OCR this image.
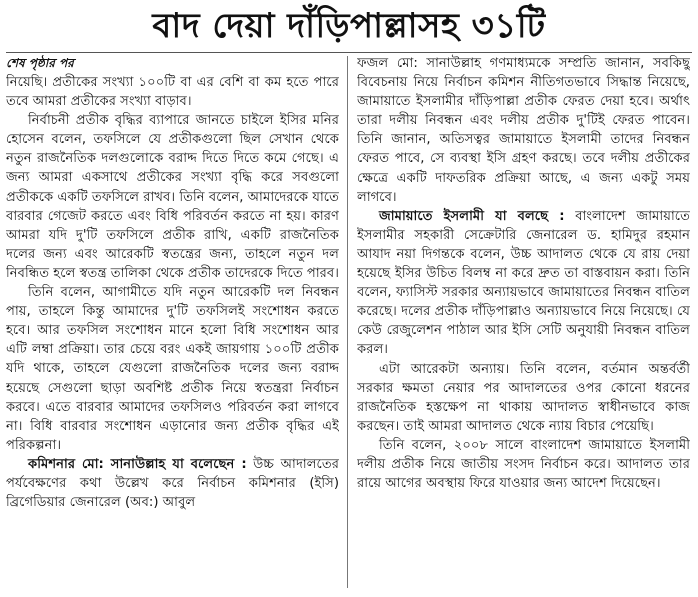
বাদ দেয়া দাঁড়িপাল্লাসহ ৩১টি
শেষ পৃষ্ঠার পর

নিয়েছি। প্রতীকের সংখ্যা ১০০টি বা এর বেশি বা কম হতে পারে তবে আমরা প্রতীকের সংখ্যা বাড়াব।

নির্বাচনী প্রতীক বৃদ্ধির ব্যাপারে জানতে চাইলে ইসির মনির হোসেন বলেন, তফসিলে যে প্রতীকগুলো ছিল সেখান থেকে নতুন রাজনৈতিক দলগুলোকে বরাদ্দ দিতে দিতে কমে গেছে। এ জন্য আমরা একসাথে প্রতীকের সংখ্যা বৃদ্ধি করে সবগুলো প্রতীককে একটি তফসিলে রাখব। তিনি বলেন, আমাদেরকে যাতে বারবার গেজেট করতে এবং বিধি পরিবর্তন করতে না হয়। কারণ আমরা যদি দু'টি তফসিলে প্রতীক রাখি, একটি রাজনৈতিক দলের জন্য এবং আরেকটি স্বতন্ত্রের জন্য, তাহলে নতুন দল নিবন্ধিত হলে স্বতন্ত্র তালিকা থেকে প্রতীক তাদেরকে দিতে পারব।

তিনি বলেন, আগামীতে যদি নতুন আরেকটি দল নিবন্ধন পায়, তাহলে কিন্তু আমাদের দু'টি তফসিলই সংশোধন করতে হবে। আর তফসিল সংশোধন মানে হলো বিধি সংশোধন আর এটি লম্বা প্রক্রিয়া। তার চেয়ে বরং একই জায়গায় ১০০টি প্রতীক যদি থাকে, তাহলে যেগুলো রাজনৈতিক দলের জন্য বরাদ্দ হয়েছে সেগুলো ছাড়া অবশিষ্ট প্রতীক নিয়ে স্বতন্ত্ররা নির্বাচন করবে। এতে বারবার আমাদের তফসিলও পরিবর্তন করা লাগবে না। বিধি বারবার সংশোধন এড়ানোর জন্য প্রতীক বৃদ্ধির এই পরিকল্পনা।

কমিশনার মো: সানাউল্লাহ যা বলেছেন : উচ্চ আদালতের পর্যবেক্ষণের কথা উল্লেখ করে নির্বাচন কমিশনার (ইসি) ব্রিগেডিয়ার জেনারেল (অব:) আবুল

ফজল মো: সানাউল্লাহ গণমাধ্যমকে সম্প্রতি জানান, সবকিছু বিবেচনায় নিয়ে নির্বাচন কমিশন নীতিগতভাবে সিদ্ধান্ত নিয়েছে, জামায়াতে ইসলামীর দাঁড়িপাল্লা প্রতীক ফেরত দেয়া হবে। অর্থাৎ তারা দলীয় নিবন্ধন এবং দলীয় প্রতীক দু'টিই ফেরত পাবেন। তিনি জানান, অতিসত্বর জামায়াতে ইসলামী তাদের নিবন্ধন ফেরত পাবে, সে ব্যবস্থা ইসি গ্রহণ করছে। তবে দলীয় প্রতীকের ক্ষেত্রে একটি দাফতরিক প্রক্রিয়া আছে, এ জন্য একটু সময় লাগবে।

জামায়াতে ইসলামী যা বলছে : বাংলাদেশ জামায়াতে ইসলামীর সহকারী সেক্রেটারি জেনারেল ড. হামিদুর রহমান আযাদ নয়া দিগন্তকে বলেন, উচ্চ আদালত থেকে যে রায় দেয়া হয়েছে ইসির উচিত বিলম্ব না করে দ্রুত তা বাস্তবায়ন করা। তিনি বলেন, ফ্যাসিস্ট সরকার অন্যায়ভাবে জামায়াতের নিবন্ধন বাতিল করেছে। দলের প্রতীক দাঁড়িপাল্লাও অন্যায়ভাবে নিয়ে নিয়েছে। যে কেউ রেজুলেশন পাঠাল আর ইসি সেটি অনুযায়ী নিবন্ধন বাতিল করল।

এটা আরেকটা অন্যায়। তিনি বলেন, বর্তমান অন্তর্বর্তী সরকার ক্ষমতা নেয়ার পর আদালতের ওপর কোনো ধরনের রাজনৈতিক হস্তক্ষেপ না থাকায় আদালত স্বাধীনভাবে কাজ করছেন। তাই আমরা আদালত থেকে ন্যায় বিচার পেয়েছি।

তিনি বলেন, ২০০৮ সালে বাংলাদেশ জামায়াতে ইসলামী দলীয় প্রতীক নিয়ে জাতীয় সংসদ নির্বাচন করে। আদালত তার রায়ে আগের অবস্থায় ফিরে যাওয়ার জন্য আদেশ দিয়েছেন।
